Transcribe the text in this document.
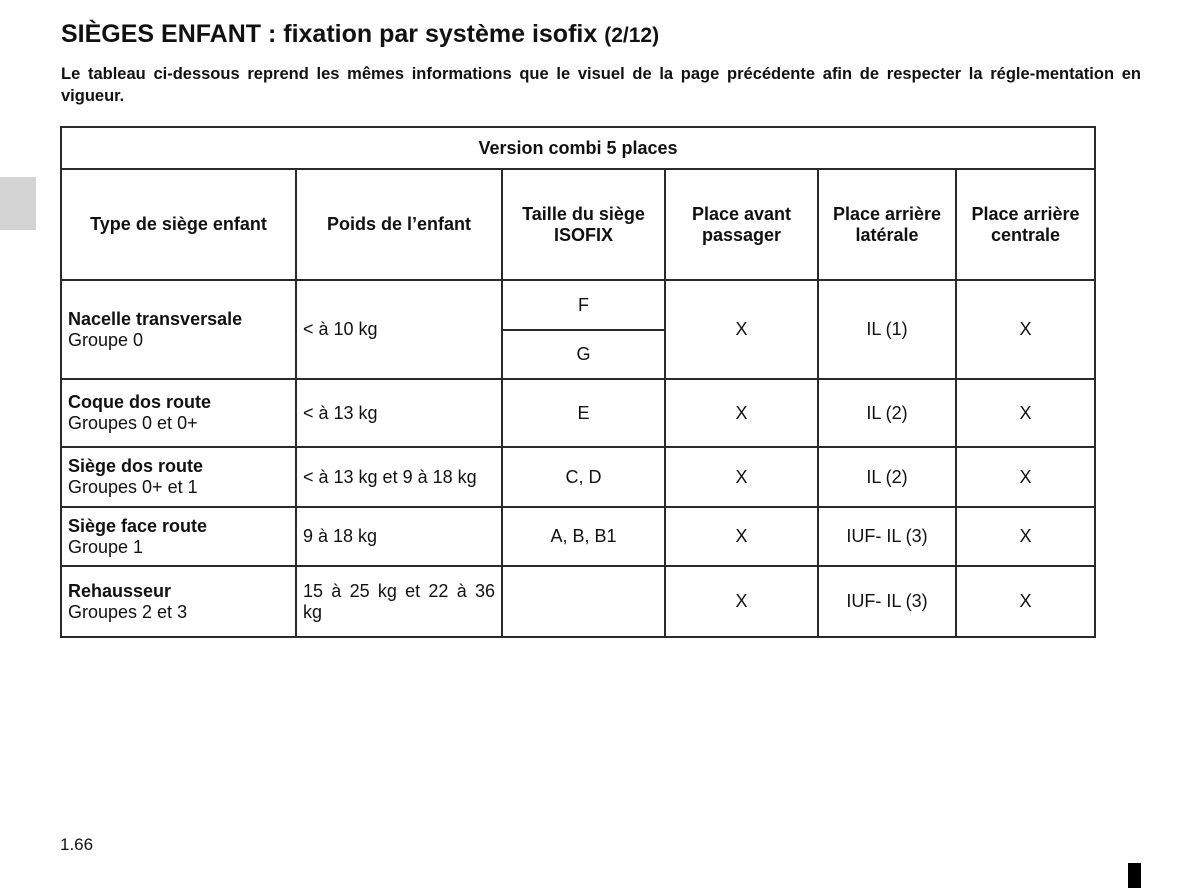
SIÈGES ENFANT : fixation par système isofix (2/12)

Le tableau ci-dessous reprend les mêmes informations que le visuel de la page précédente afin de respecter la régle-mentation en vigueur.

Version combi 5 places					
Type de siège enfant	Poids de l’enfant	Taille du siège ISOFIX	Place avant passager	Place arrière latérale	Place arrière centrale

Nacelle transversale
Groupe 0	< à 10 kg	F	X	IL (1)	X
		G			

Coque dos route
Groupes 0 et 0+	< à 13 kg	E	X	IL (2)	X

Siège dos route
Groupes 0+ et 1	< à 13 kg et 9 à 18 kg	C, D	X	IL (2)	X

Siège face route
Groupe 1	9 à 18 kg	A, B, B1	X	IUF- IL (3)	X

Rehausseur
Groupes 2 et 3	15 à 25 kg et 22 à 36 kg		X	IUF- IL (3)	X
1.66
